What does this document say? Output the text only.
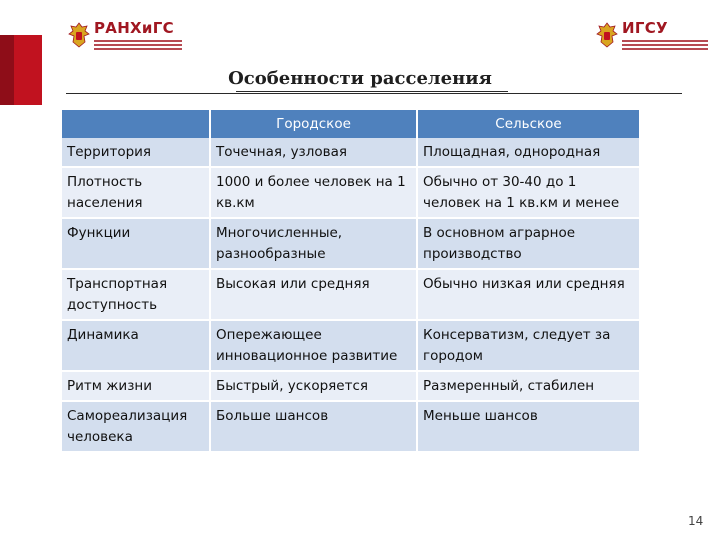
РАНХиГС	ИГСУ
Особенности расселения
	Городское	Сельское
Территория	Точечная, узловая	Площадная, однородная
Плотность населения	1000 и более человек на 1 кв.км	Обычно от 30-40 до 1 человек на 1 кв.км и менее
Функции	Многочисленные, разнообразные	В основном аграрное производство
Транспортная доступность	Высокая или средняя	Обычно низкая или средняя
Динамика	Опережающее инновационное развитие	Консерватизм, следует за городом
Ритм жизни	Быстрый, ускоряется	Размеренный, стабилен
Самореализация человека	Больше шансов	Меньше шансов
14
